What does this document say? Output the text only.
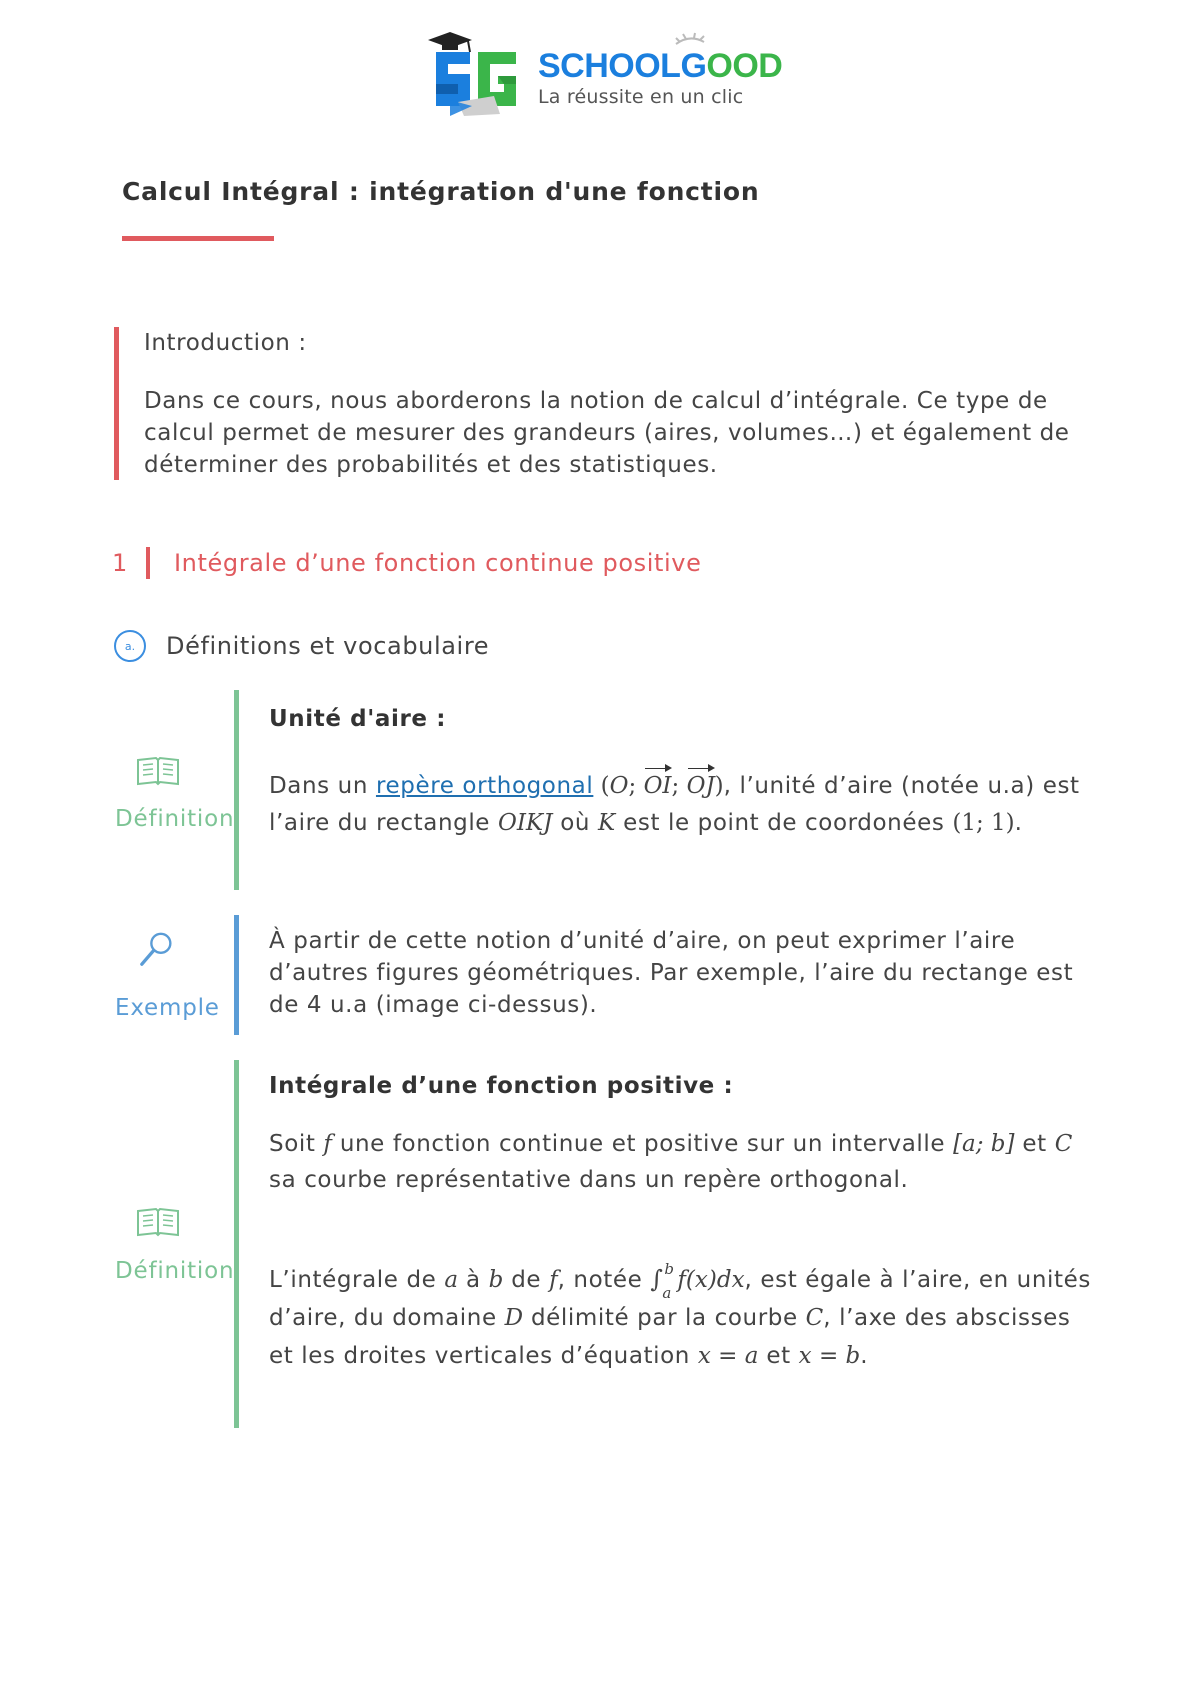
SCHOOLGOOD
La réussite en un clic
Calcul Intégral : intégration d'une fonction
Introduction :
Dans ce cours, nous aborderons la notion de calcul d’intégrale. Ce type de calcul permet de mesurer des grandeurs (aires, volumes…) et également de déterminer des probabilités et des statistiques.
1 Intégrale d’une fonction continue positive
a.	Définitions et vocabulaire
Définition
Unité d'aire :
Dans un repère orthogonal (O; OI; OJ), l’unité d’aire (notée u.a) est l’aire du rectangle OIKJ où K est le point de coordonées (1; 1).
Exemple
À partir de cette notion d’unité d’aire, on peut exprimer l’aire d’autres figures géométriques. Par exemple, l’aire du rectange est de 4 u.a (image ci-dessus).
Définition
Intégrale d’une fonction positive :
Soit f une fonction continue et positive sur un intervalle [a; b] et C sa courbe représentative dans un repère orthogonal.
L’intégrale de a à b de f, notée ∫ b
a f(x)dx, est égale à l’aire, en unités d’aire, du domaine D délimité par la courbe C, l’axe des abscisses et les droites verticales d’équation x = a et x = b.
